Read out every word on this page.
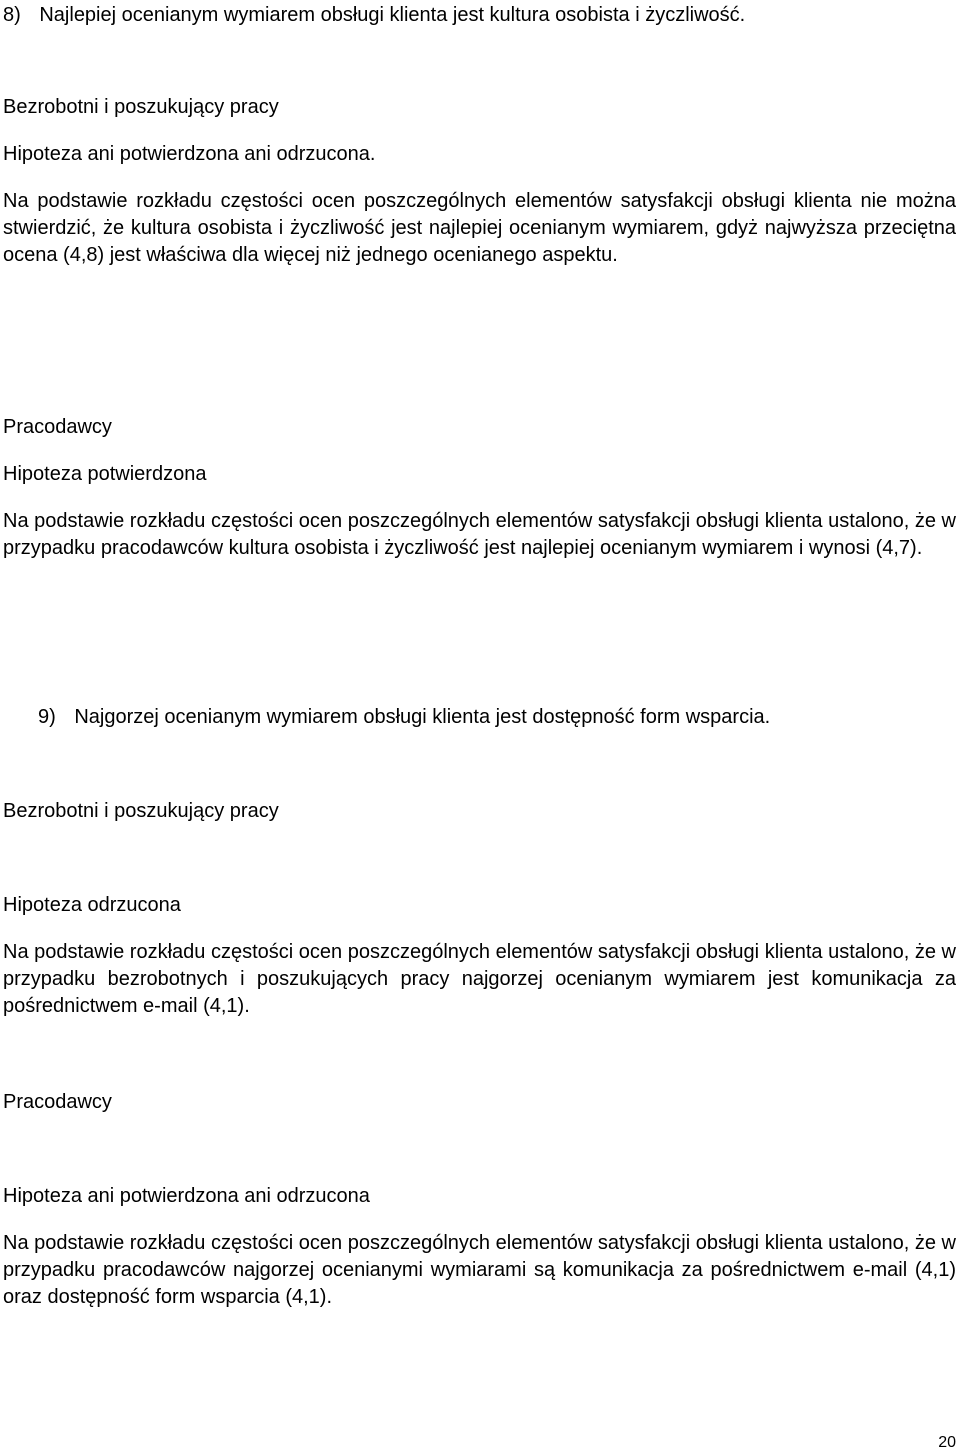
8) Najlepiej ocenianym wymiarem obsługi klienta jest kultura osobista i życzliwość.

Bezrobotni i poszukujący pracy

Hipoteza ani potwierdzona ani odrzucona.

Na podstawie rozkładu częstości ocen poszczególnych elementów satysfakcji obsługi klienta nie można stwierdzić, że kultura osobista i życzliwość jest najlepiej ocenianym wymiarem, gdyż najwyższa przeciętna ocena (4,8) jest właściwa dla więcej niż jednego ocenianego aspektu.

Pracodawcy

Hipoteza potwierdzona

Na podstawie rozkładu częstości ocen poszczególnych elementów satysfakcji obsługi klienta ustalono, że w przypadku pracodawców kultura osobista i życzliwość jest najlepiej ocenianym wymiarem i wynosi (4,7).

9) Najgorzej ocenianym wymiarem obsługi klienta jest dostępność form wsparcia.

Bezrobotni i poszukujący pracy

Hipoteza odrzucona

Na podstawie rozkładu częstości ocen poszczególnych elementów satysfakcji obsługi klienta ustalono, że w przypadku bezrobotnych i poszukujących pracy najgorzej ocenianym wymiarem jest komunikacja za pośrednictwem e-mail (4,1).

Pracodawcy

Hipoteza ani potwierdzona ani odrzucona

Na podstawie rozkładu częstości ocen poszczególnych elementów satysfakcji obsługi klienta ustalono, że w przypadku pracodawców najgorzej ocenianymi wymiarami są komunikacja za pośrednictwem e-mail (4,1) oraz dostępność form wsparcia (4,1).

20
